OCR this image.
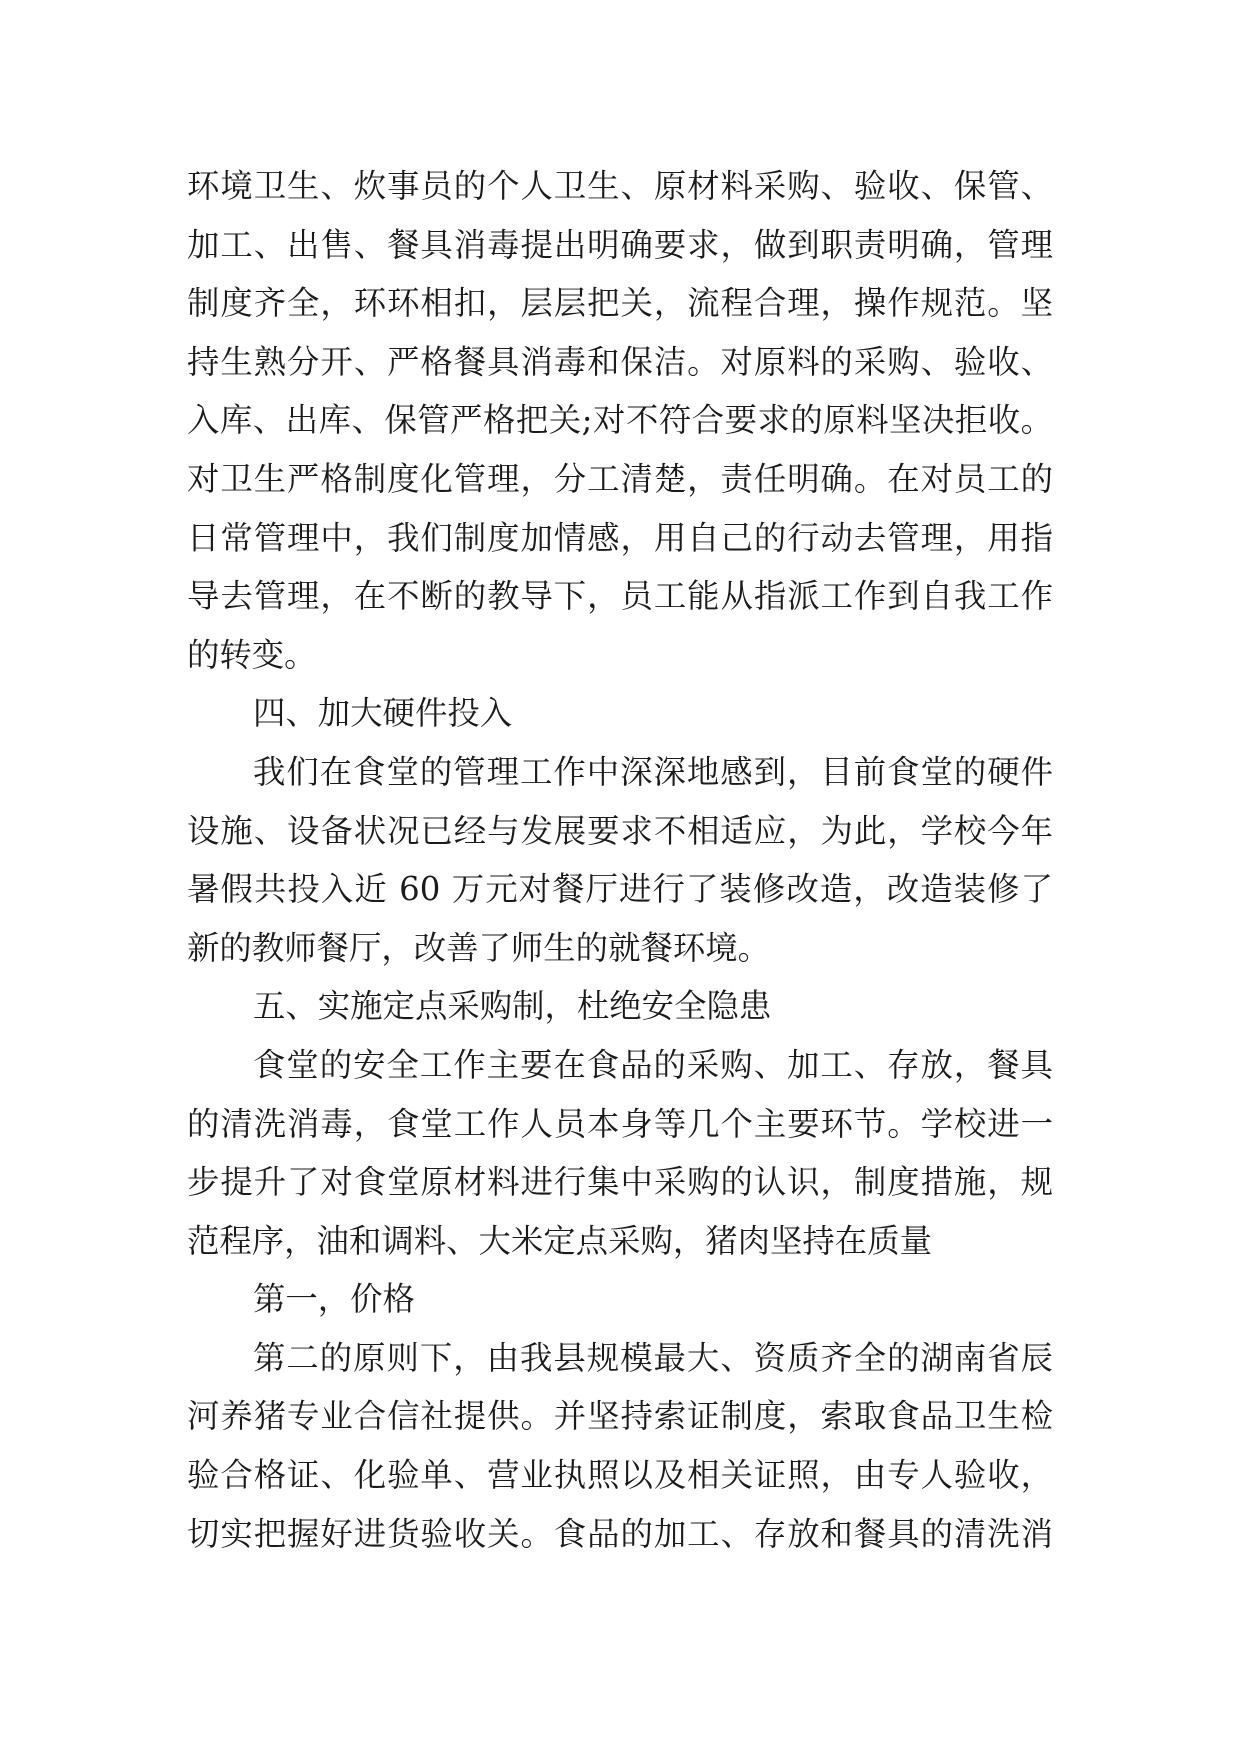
环境卫生、炊事员的个人卫生、原材料采购、验收、保管、
加工、出售、餐具消毒提出明确要求，做到职责明确，管理
制度齐全，环环相扣，层层把关，流程合理，操作规范。坚
持生熟分开、严格餐具消毒和保洁。对原料的采购、验收、
入库、出库、保管严格把关;对不符合要求的原料坚决拒收。
对卫生严格制度化管理，分工清楚，责任明确。在对员工的
日常管理中，我们制度加情感，用自己的行动去管理，用指
导去管理，在不断的教导下，员工能从指派工作到自我工作
的转变。
四、加大硬件投入
我们在食堂的管理工作中深深地感到，目前食堂的硬件
设施、设备状况已经与发展要求不相适应，为此，学校今年
暑假共投入近 60 万元对餐厅进行了装修改造，改造装修了
新的教师餐厅，改善了师生的就餐环境。
五、实施定点采购制，杜绝安全隐患
食堂的安全工作主要在食品的采购、加工、存放，餐具
的清洗消毒，食堂工作人员本身等几个主要环节。学校进一
步提升了对食堂原材料进行集中采购的认识，制度措施，规
范程序，油和调料、大米定点采购，猪肉坚持在质量
第一，价格
第二的原则下，由我县规模最大、资质齐全的湖南省辰
河养猪专业合信社提供。并坚持索证制度，索取食品卫生检
验合格证、化验单、营业执照以及相关证照，由专人验收，
切实把握好进货验收关。食品的加工、存放和餐具的清洗消
